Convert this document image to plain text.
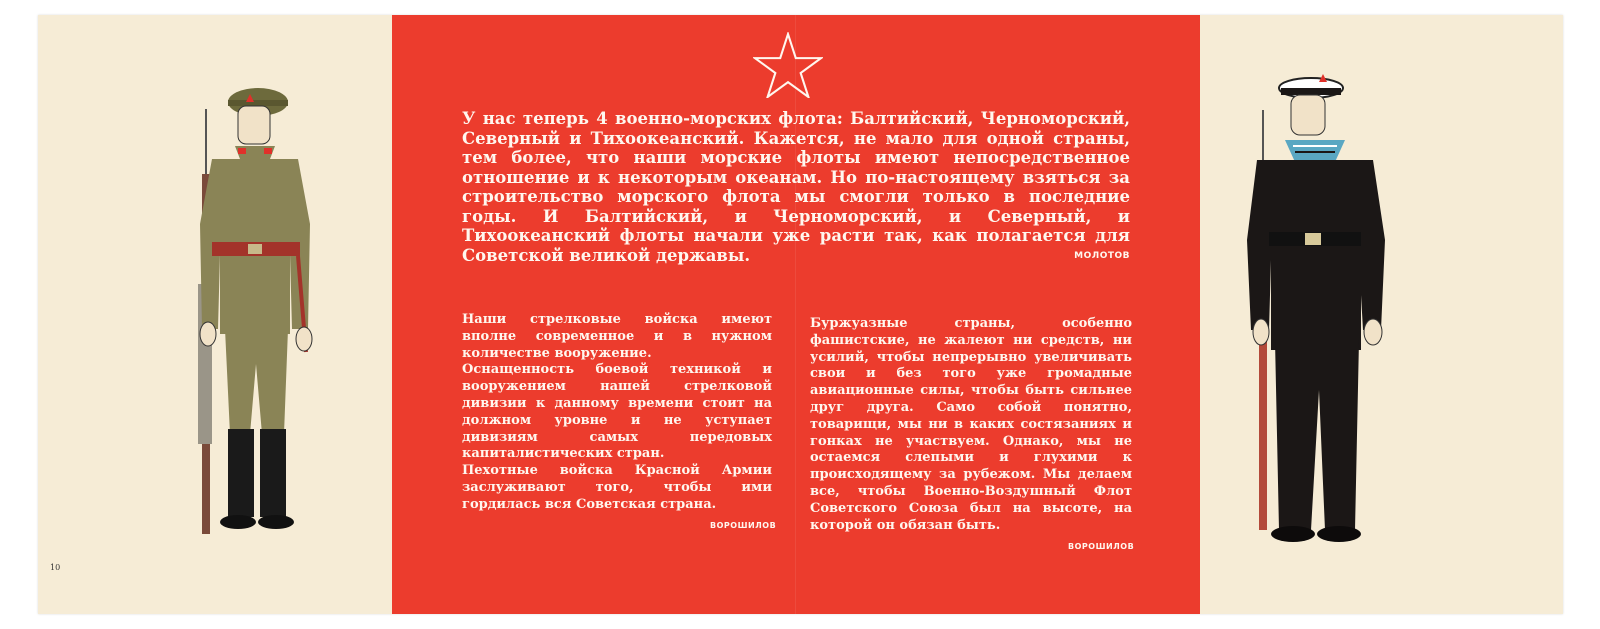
У нас теперь 4 военно-морских флота: Балтийский, Черноморский, Северный и Тихоокеанский. Кажется, не мало для одной страны, тем более, что наши морские флоты имеют непосредственное отношение и к некоторым океанам. Но по-настоящему взяться за строительство морского флота мы смогли только в последние годы. И Балтийский, и Черноморский, и Северный, и Тихоокеанский флоты начали уже расти так, как полагается для Советской великой державы.	МОЛОТОВ

Наши стрелковые войска имеют вполне современное и в нужном количестве вооружение.

Оснащенность боевой техникой и вооружением нашей стрелковой дивизии к данному времени стоит на должном уровне и не уступает дивизиям самых передовых капиталистических стран.

Пехотные войска Красной Армии заслуживают того, чтобы ими гордилась вся Советская страна.

ВОРОШИЛОВ

Буржуазные страны, особенно фашистские, не жалеют ни средств, ни усилий, чтобы непрерывно увеличивать свои и без того уже громадные авиационные силы, чтобы быть сильнее друг друга. Само собой понятно, товарищи, мы ни в каких состязаниях и гонках не участвуем. Однако, мы не остаемся слепыми и глухими к происходящему за рубежом. Мы делаем все, чтобы Военно-Воздушный Флот Советского Союза был на высоте, на которой он обязан быть.

ВОРОШИЛОВ
10
